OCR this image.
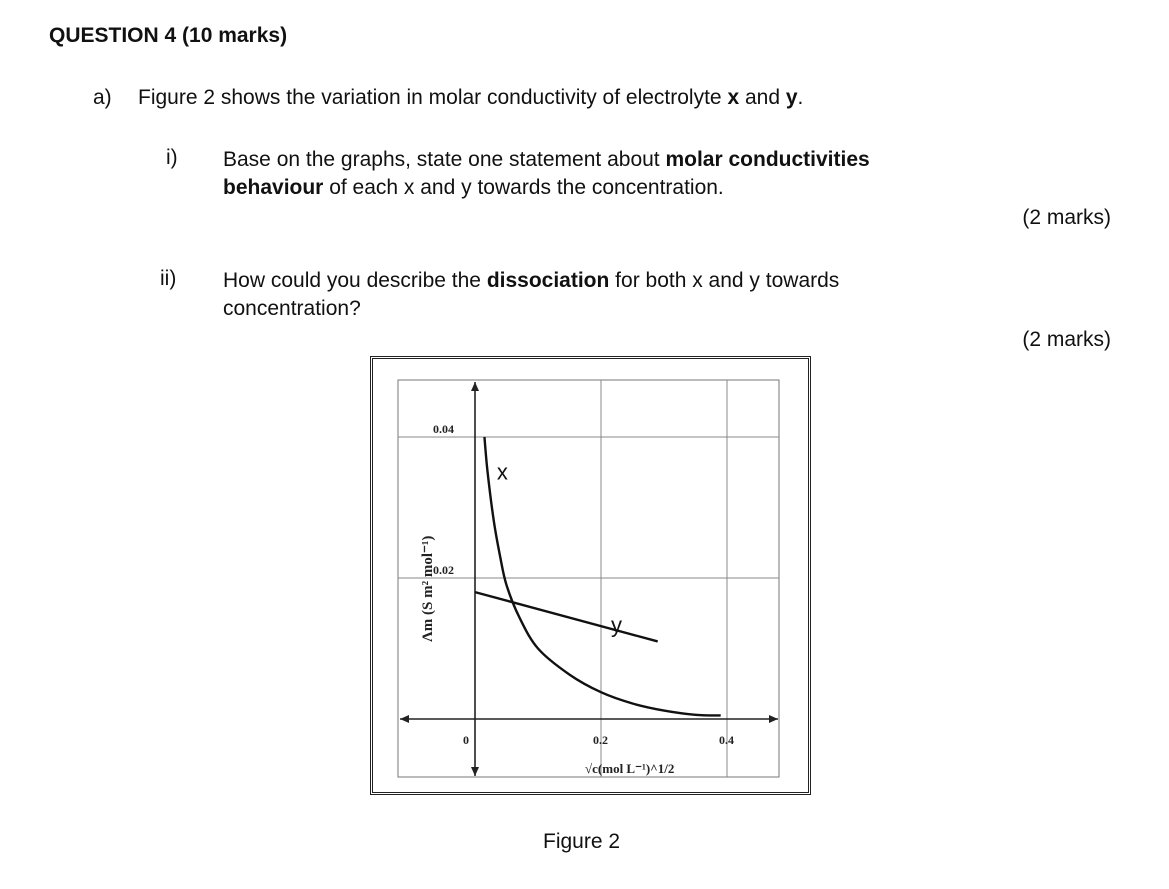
QUESTION 4 (10 marks)
a) Figure 2 shows the variation in molar conductivity of electrolyte x and y.
i) Base on the graphs, state one statement about molar conductivities
behaviour of each x and y towards the concentration.
(2 marks)
ii) How could you describe the dissociation for both x and y towards
concentration?
(2 marks)
0	0.2	0.4
0.02
0.04
x
y
Λm (S m² mol⁻¹)
√c(mol L⁻¹)^1/2
Figure 2
